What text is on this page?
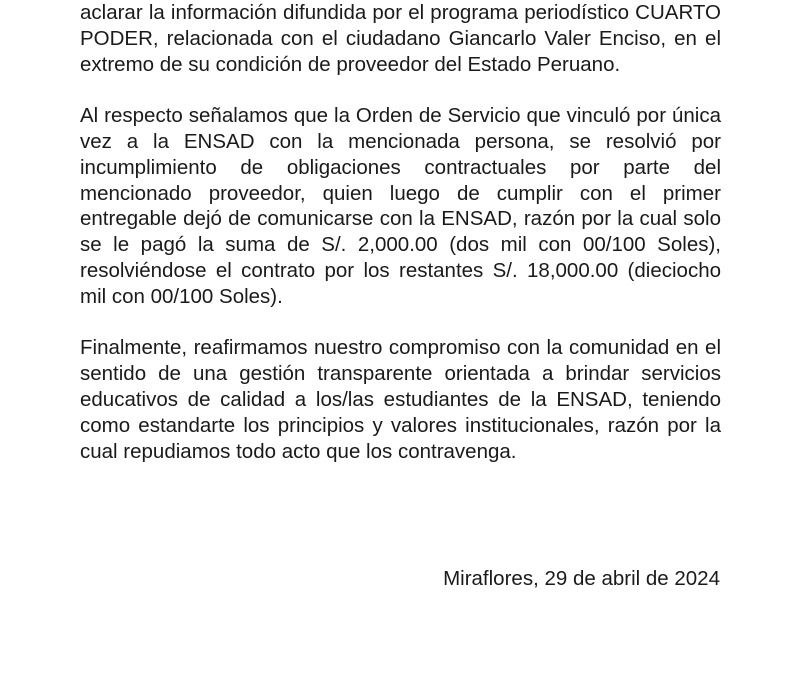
aclarar la información difundida por el programa periodístico CUARTO PODER, relacionada con el ciudadano Giancarlo Valer Enciso, en el extremo de su condición de proveedor del Estado Peruano.

Al respecto señalamos que la Orden de Servicio que vinculó por única vez a la ENSAD con la mencionada persona, se resolvió por incumplimiento de obligaciones contractuales por parte del mencionado proveedor, quien luego de cumplir con el primer entregable dejó de comunicarse con la ENSAD, razón por la cual solo se le pagó la suma de S/. 2,000.00 (dos mil con 00/100 Soles), resolviéndose el contrato por los restantes S/. 18,000.00 (dieciocho mil con 00/100 Soles).

Finalmente, reafirmamos nuestro compromiso con la comunidad en el sentido de una gestión transparente orientada a brindar servicios educativos de calidad a los/las estudiantes de la ENSAD, teniendo como estandarte los principios y valores institucionales, razón por la cual repudiamos todo acto que los contravenga.

Miraflores, 29 de abril de 2024
